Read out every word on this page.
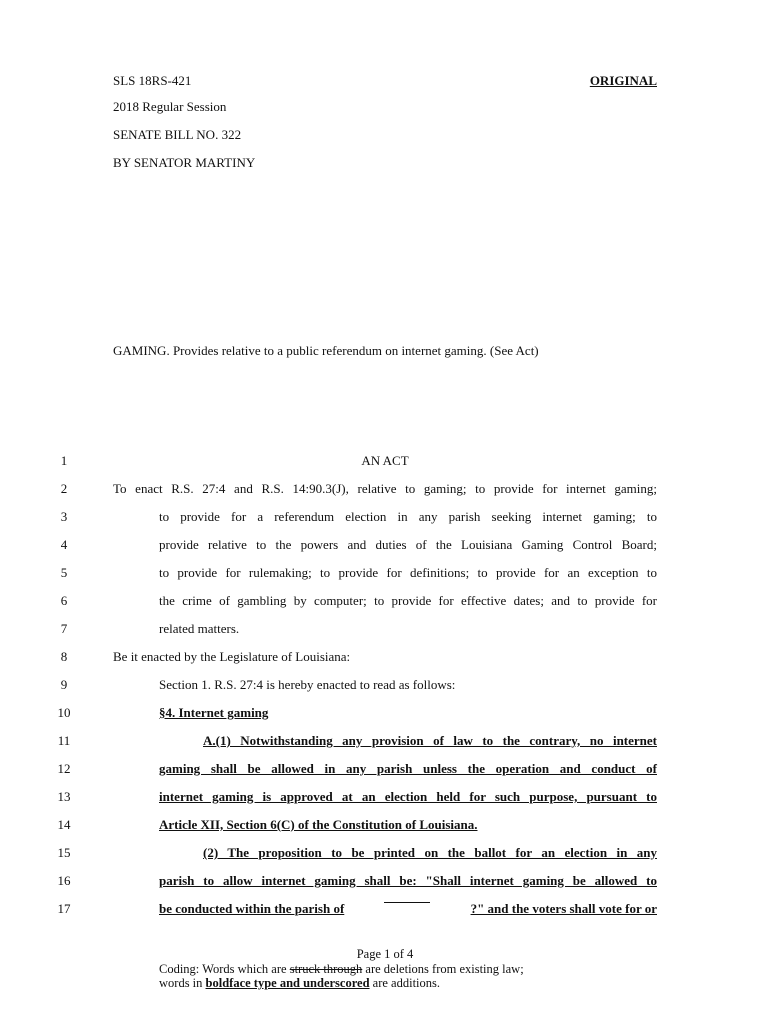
SLS 18RS-421	ORIGINAL
2018 Regular Session
SENATE BILL NO. 322
BY SENATOR MARTINY
GAMING. Provides relative to a public referendum on internet gaming. (See Act)
1
2
3
4
5
6
7
8
9
10
11
12
13
14
15
16
17
AN ACT
To enact R.S. 27:4 and R.S. 14:90.3(J), relative to gaming; to provide for internet gaming;
to provide for a referendum election in any parish seeking internet gaming; to
provide relative to the powers and duties of the Louisiana Gaming Control Board;
to provide for rulemaking; to provide for definitions; to provide for an exception to
the crime of gambling by computer; to provide for effective dates; and to provide for
related matters.
Be it enacted by the Legislature of Louisiana:
Section 1. R.S. 27:4 is hereby enacted to read as follows:
§4. Internet gaming
A.(1) Notwithstanding any provision of law to the contrary, no internet
gaming shall be allowed in any parish unless the operation and conduct of
internet gaming is approved at an election held for such purpose, pursuant to
Article XII, Section 6(C) of the Constitution of Louisiana.
(2) The proposition to be printed on the ballot for an election in any
parish to allow internet gaming shall be: "Shall internet gaming be allowed to
be conducted within the parish of	?" and the voters shall vote for or
Page 1 of 4
Coding: Words which are struck through are deletions from existing law;
words in boldface type and underscored are additions.
